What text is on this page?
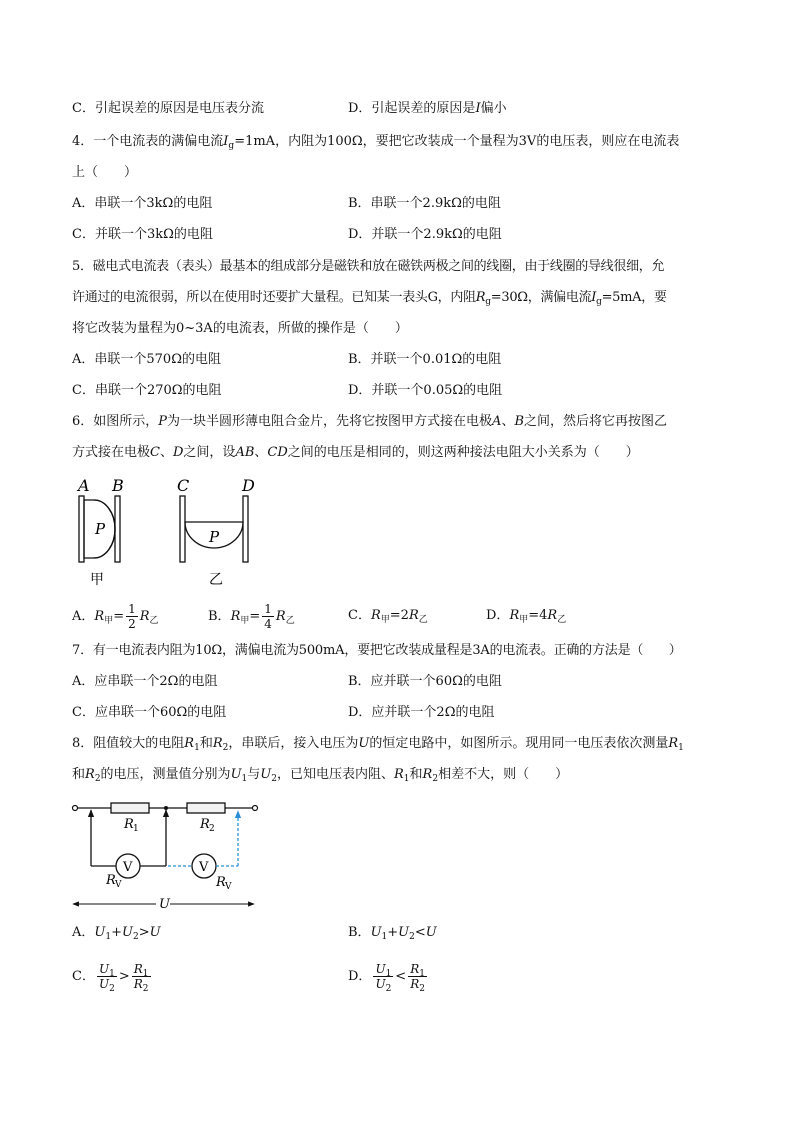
C．引起误差的原因是电压表分流	D．引起误差的原因是I偏小
4．一个电流表的满偏电流$I_g=1mA$，内阻为100Ω，要把它改装成一个量程为3V的电压表，则应在电流表
上（　　）
A．串联一个3kΩ的电阻	B．串联一个2.9kΩ的电阻
C．并联一个3kΩ的电阻	D．并联一个2.9kΩ的电阻
5．磁电式电流表（表头）最基本的组成部分是磁铁和放在磁铁两极之间的线圈，由于线圈的导线很细，允
许通过的电流很弱，所以在使用时还要扩大量程。已知某一表头G，内阻$R_g=30\Omega$，满偏电流$I_g=5mA$，要
将它改装为量程为0~3A的电流表，所做的操作是（　　）
A．串联一个570Ω的电阻	B．并联一个0.01Ω的电阻
C．串联一个270Ω的电阻	D．并联一个0.05Ω的电阻
6．如图所示，P为一块半圆形薄电阻合金片，先将它按图甲方式接在电极A、B之间，然后将它再按图乙
方式接在电极C、D之间，设AB、CD之间的电压是相同的，则这两种接法电阻大小关系为（　　）
A B
P
甲
C	D
P
乙
A．$R_甲= \frac{1}{2} R_乙$	B．$R_甲= \frac{1}{4} R_乙$	C．$R_甲=2R_乙$	D．$R_甲=4R_乙$
7．有一电流表内阻为10Ω，满偏电流为500mA，要把它改装成量程是3A的电流表。正确的方法是（　　）
A．应串联一个2Ω的电阻	B．应并联一个60Ω的电阻
C．应串联一个60Ω的电阻	D．应并联一个2Ω的电阻
8．阻值较大的电阻$R_1$和$R_2$，串联后，接入电压为U的恒定电路中，如图所示。现用同一电压表依次测量$R_1$
和$R_2$的电压，测量值分别为$U_1$与$U_2$，已知电压表内阻、$R_1$和$R_2$相差不大，则（　　）
R 1	R 2
V
R V
V
R V
U
A．$U_1+U_2>U$	B．$U_1+U_2<U$
C． $\frac{U_1}{U_2} > \frac{R_1}{R_2}$	D． $\frac{U_1}{U_2} < \frac{R_1}{R_2}$
